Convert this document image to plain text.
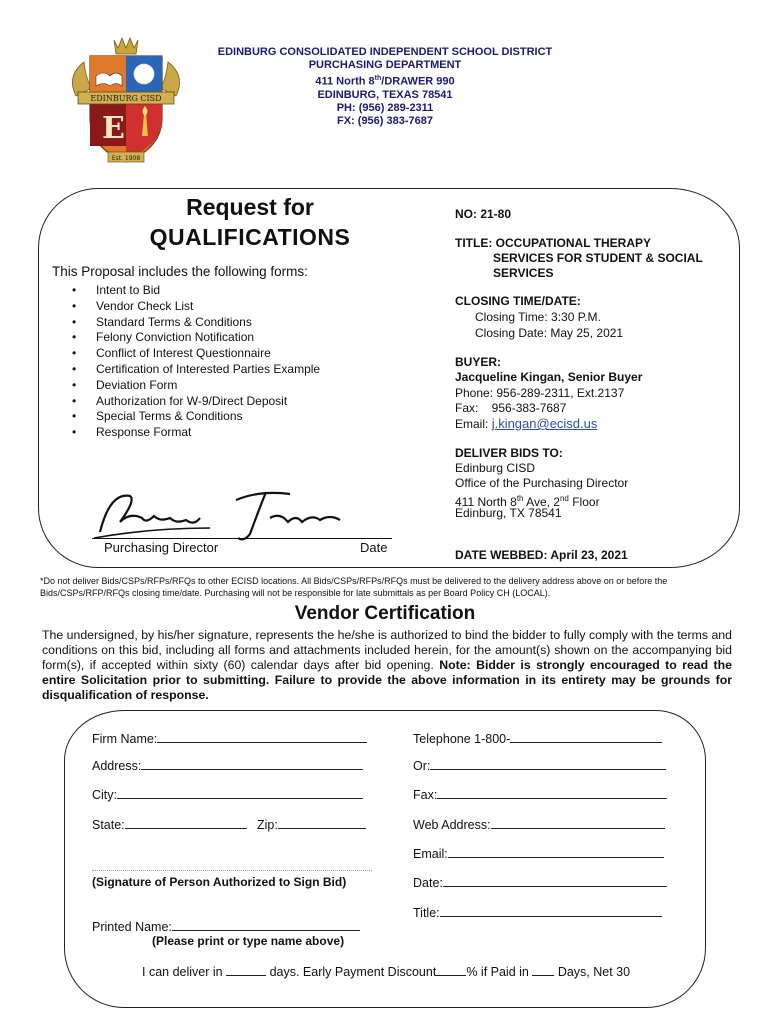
EDINBURG CISD
E
Est. 1908
EDINBURG CONSOLIDATED INDEPENDENT SCHOOL DISTRICT
PURCHASING DEPARTMENT
411 North 8th/DRAWER 990
EDINBURG, TEXAS 78541
PH: (956) 289-2311
FX: (956) 383-7687
Request for
QUALIFICATIONS
This Proposal includes the following forms:
• Intent to Bid
• Vendor Check List
• Standard Terms & Conditions
• Felony Conviction Notification
• Conflict of Interest Questionnaire
• Certification of Interested Parties Example
• Deviation Form
• Authorization for W-9/Direct Deposit
• Special Terms & Conditions
• Response Format
NO: 21-80
TITLE: OCCUPATIONAL THERAPY
SERVICES FOR STUDENT & SOCIAL
SERVICES
CLOSING TIME/DATE:
Closing Time: 3:30 P.M.
Closing Date: May 25, 2021
BUYER:
Jacqueline Kingan, Senior Buyer
Phone: 956-289-2311, Ext.2137
Fax:    956-383-7687
Email: j.kingan@ecisd.us
DELIVER BIDS TO:
Edinburg CISD
Office of the Purchasing Director
411 North 8th Ave, 2nd Floor
Edinburg, TX 78541
Purchasing Director	Date	DATE WEBBED: April 23, 2021
*Do not deliver Bids/CSPs/RFPs/RFQs to other ECISD locations. All Bids/CSPs/RFPs/RFQs must be delivered to the delivery address above on or before the Bids/CSPs/RFP/RFQs closing time/date. Purchasing will not be responsible for late submittals as per Board Policy CH (LOCAL).
Vendor Certification
The undersigned, by his/her signature, represents the he/she is authorized to bind the bidder to fully comply with the terms and conditions on this bid, including all forms and attachments included herein, for the amount(s) shown on the accompanying bid form(s), if accepted within sixty (60) calendar days after bid opening. Note: Bidder is strongly encouraged to read the entire Solicitation prior to submitting. Failure to provide the above information in its entirety may be grounds for disqualification of response.
Firm Name:	Telephone 1-800-
Address:	Or:
City:	Fax:
State:	Zip:	Web Address:
Email:
(Signature of Person Authorized to Sign Bid)	Date:
Title:
Printed Name:
(Please print or type name above)
I can deliver in	days. Early Payment Discount % if Paid in Days, Net 30
